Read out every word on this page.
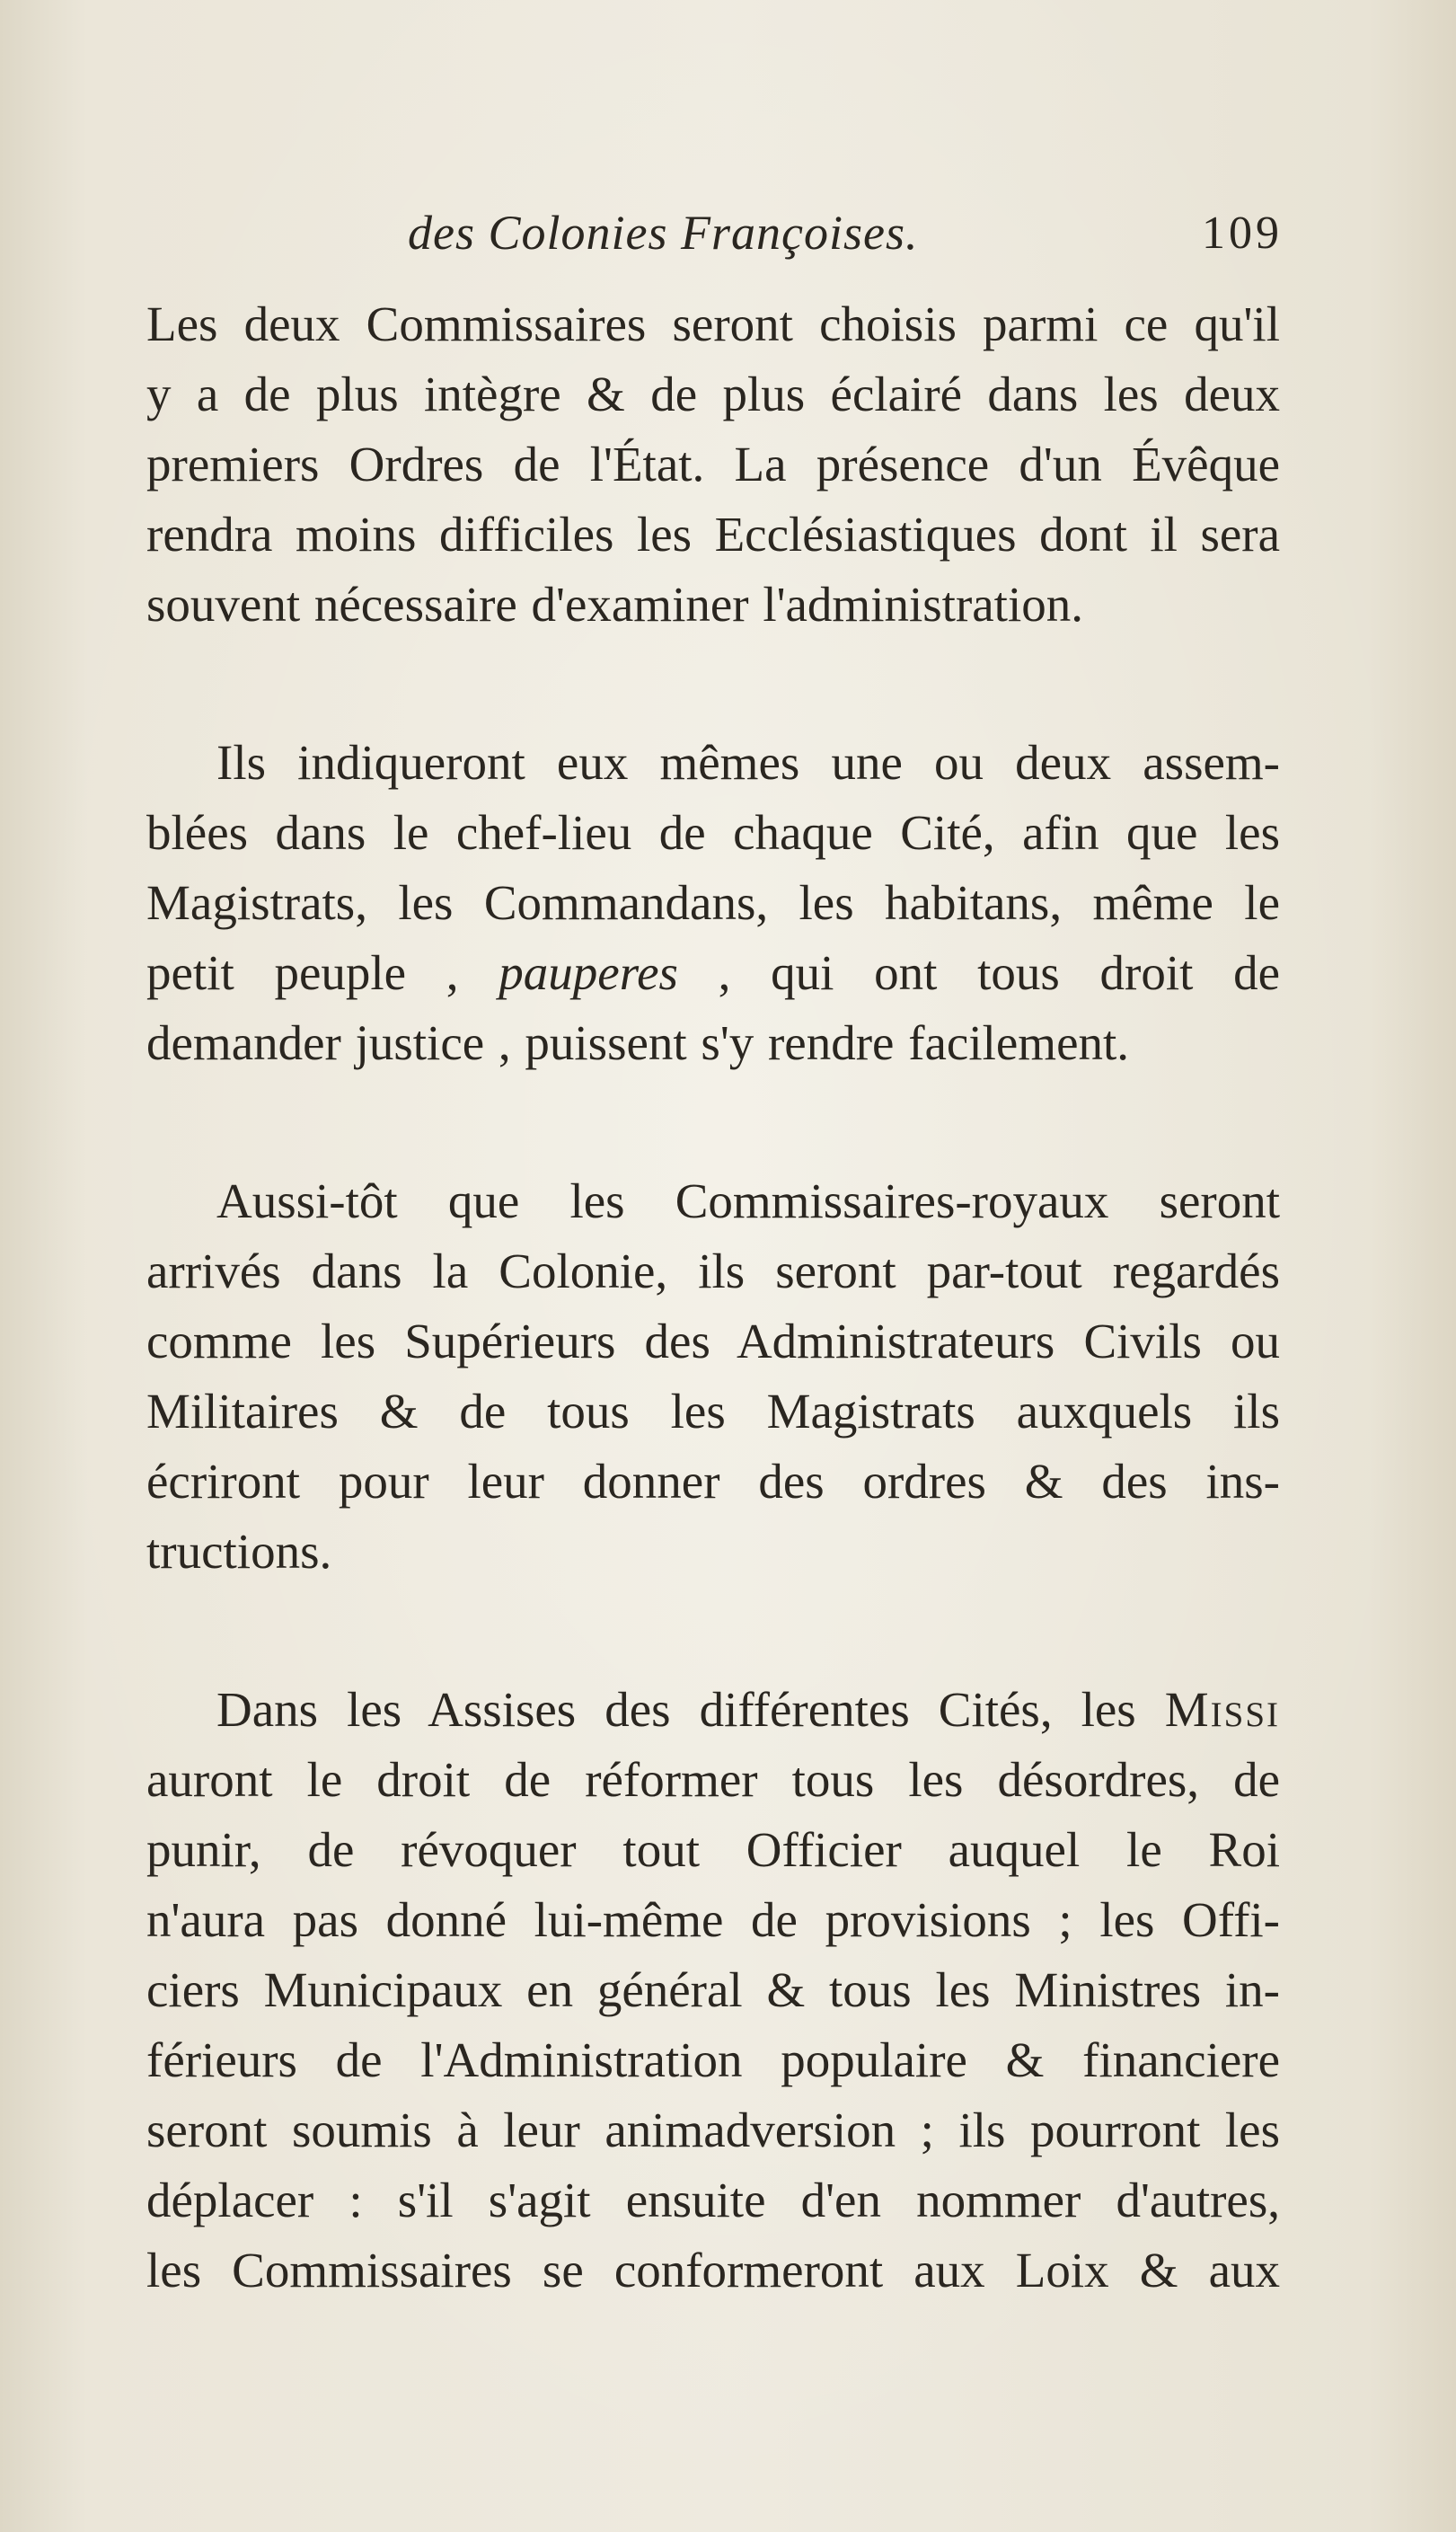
des Colonies Françoises.	109

Les deux Commissaires seront choisis parmi ce qu'il
y a de plus intègre & de plus éclairé dans les deux
premiers Ordres de l'État. La présence d'un Évêque
rendra moins difficiles les Ecclésiastiques dont il sera
souvent nécessaire d'examiner l'administration.

Ils indiqueront eux mêmes une ou deux assem-
blées dans le chef-lieu de chaque Cité, afin que les
Magistrats, les Commandans, les habitans, même le
petit peuple , pauperes , qui ont tous droit de
demander justice , puissent s'y rendre facilement.

Aussi-tôt que les Commissaires-royaux seront
arrivés dans la Colonie, ils seront par-tout regardés
comme les Supérieurs des Administrateurs Civils ou
Militaires & de tous les Magistrats auxquels ils
écriront pour leur donner des ordres & des ins-
tructions.

Dans les Assises des différentes Cités, les Missi
auront le droit de réformer tous les désordres, de
punir, de révoquer tout Officier auquel le Roi
n'aura pas donné lui-même de provisions ; les Offi-
ciers Municipaux en général & tous les Ministres in-
férieurs de l'Administration populaire & financiere
seront soumis à leur animadversion ; ils pourront les
déplacer : s'il s'agit ensuite d'en nommer d'autres,
les Commissaires se conformeront aux Loix & aux
